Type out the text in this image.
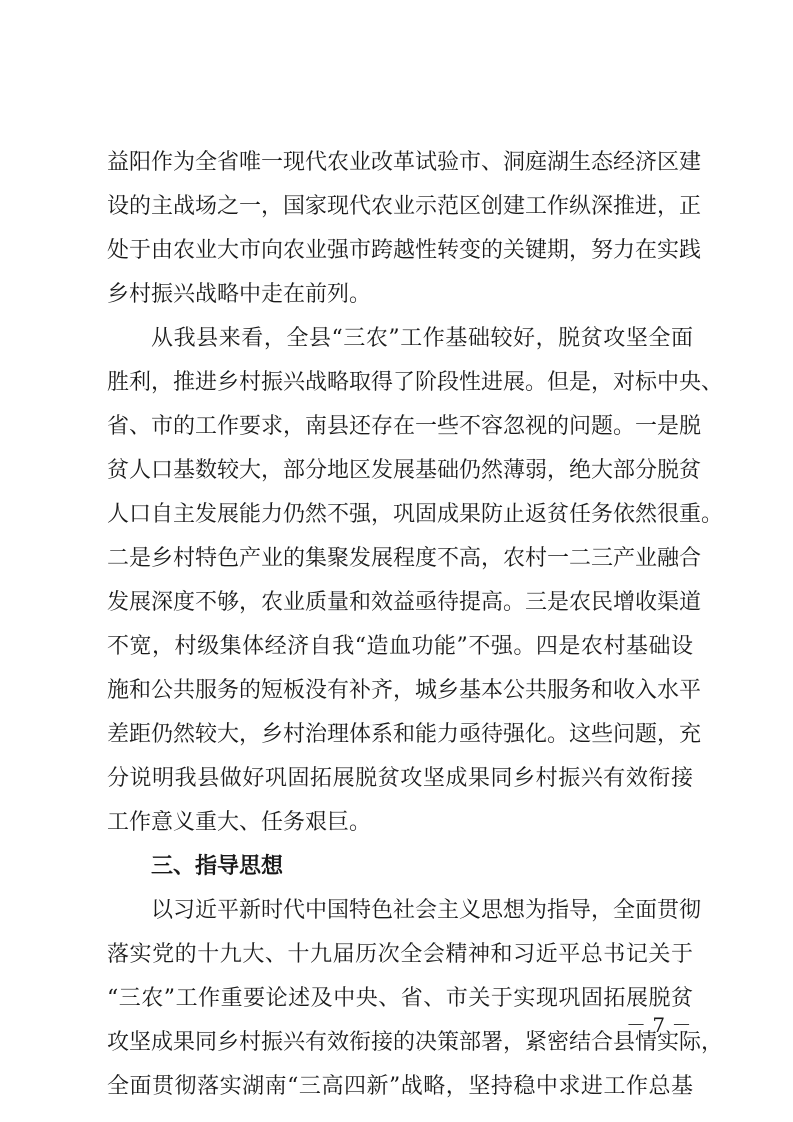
益阳作为全省唯一现代农业改革试验市、洞庭湖生态经济区建
设的主战场之一，国家现代农业示范区创建工作纵深推进，正
处于由农业大市向农业强市跨越性转变的关键期，努力在实践
乡村振兴战略中走在前列。
从我县来看，全县“三农”工作基础较好，脱贫攻坚全面
胜利，推进乡村振兴战略取得了阶段性进展。但是，对标中央、
省、市的工作要求，南县还存在一些不容忽视的问题。一是脱
贫人口基数较大，部分地区发展基础仍然薄弱，绝大部分脱贫
人口自主发展能力仍然不强，巩固成果防止返贫任务依然很重。
二是乡村特色产业的集聚发展程度不高，农村一二三产业融合
发展深度不够，农业质量和效益亟待提高。三是农民增收渠道
不宽，村级集体经济自我“造血功能”不强。四是农村基础设
施和公共服务的短板没有补齐，城乡基本公共服务和收入水平
差距仍然较大，乡村治理体系和能力亟待强化。这些问题，充
分说明我县做好巩固拓展脱贫攻坚成果同乡村振兴有效衔接
工作意义重大、任务艰巨。
三、指导思想
以习近平新时代中国特色社会主义思想为指导，全面贯彻
落实党的十九大、十九届历次全会精神和习近平总书记关于
“三农”工作重要论述及中央、省、市关于实现巩固拓展脱贫
攻坚成果同乡村振兴有效衔接的决策部署，紧密结合县情实际，
全面贯彻落实湖南“三高四新”战略，坚持稳中求进工作总基
－ 7 －
